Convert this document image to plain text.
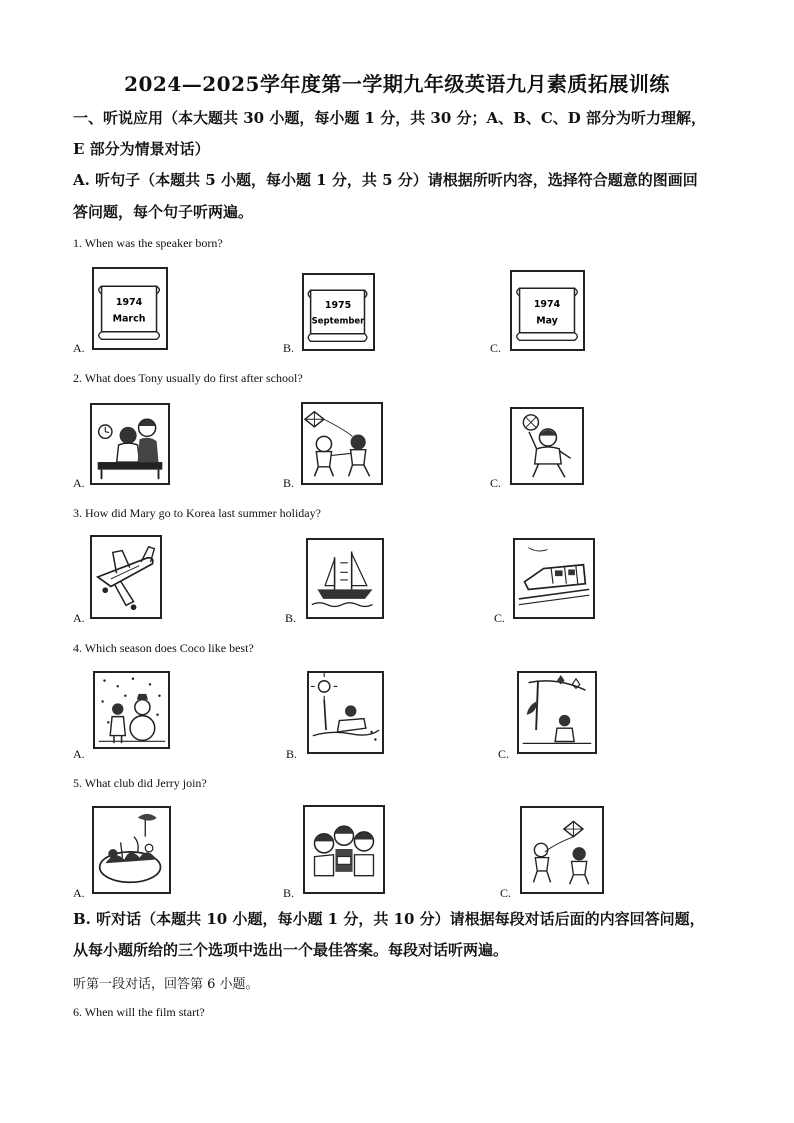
2024—2025学年度第一学期九年级英语九月素质拓展训练
一、听说应用（本大题共 30 小题，每小题 1 分，共 30 分；A、B、C、D 部分为听力理解，
E 部分为情景对话）
A. 听句子（本题共 5 小题，每小题 1 分，共 5 分）请根据所听内容，选择符合题意的图画回
答问题，每个句子听两遍。
1. When was the speaker born?
A.
1974
March
B.
1975
September
C.
1974
May
2. What does Tony usually do first after school?
A.	B.	C.
3. How did Mary go to Korea last summer holiday?
A.	B.	C.
4. Which season does Coco like best?
A.	B.	C.
5. What club did Jerry join?
A.	B.	C.
B. 听对话（本题共 10 小题，每小题 1 分，共 10 分）请根据每段对话后面的内容回答问题，
从每小题所给的三个选项中选出一个最佳答案。每段对话听两遍。
听第一段对话，回答第 6 小题。
6. When will the film start?
